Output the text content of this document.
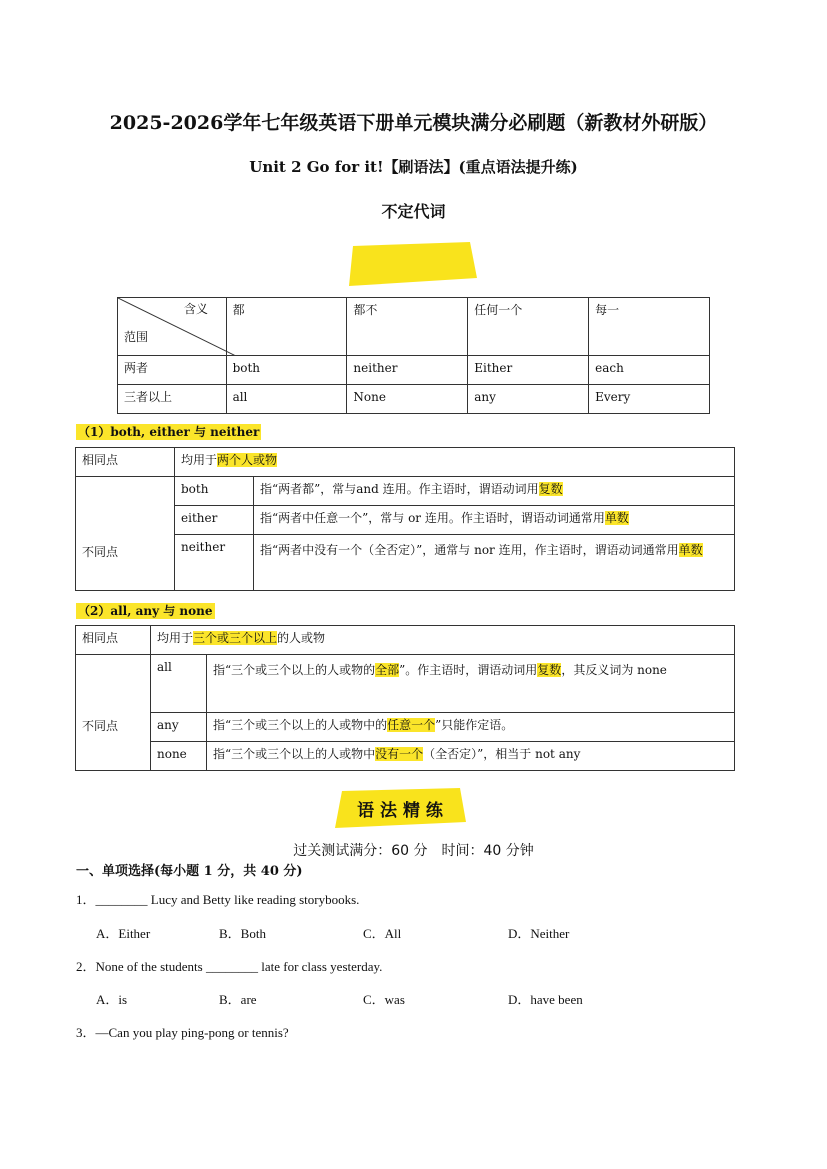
2025-2026学年七年级英语下册单元模块满分必刷题（新教材外研版）
Unit 2 Go for it!【刷语法】(重点语法提升练)
不定代词
含义
范围	都	都不	任何一个	每一
两者	both	neither	Either	each
三者以上	all	None	any	Every
（1）both, either 与 neither
相同点	均用于两个人或物	
不同点	both	指“两者都”，常与and 连用。作主语时，谓语动词用复数
	either	指“两者中任意一个”，常与 or 连用。作主语时，谓语动词通常用单数
	neither	指“两者中没有一个（全否定）”，通常与 nor 连用，作主语时，谓语动词通常用单数
（2）all, any 与 none
相同点	均用于三个或三个以上的人或物	
不同点	all	指“三个或三个以上的人或物的全部”。作主语时，谓语动词用复数，其反义词为 none
	any	指“三个或三个以上的人或物中的任意一个”只能作定语。
	none	指“三个或三个以上的人或物中没有一个（全否定）”，相当于 not any
语 法 精 练
过关测试满分：60 分　时间：40 分钟
一、单项选择(每小题 1 分，共 40 分)
1．________ Lucy and Betty like reading storybooks.
A．Either	B．Both	C．All	D．Neither
2．None of the students ________ late for class yesterday.
A．is	B．are	C．was	D．have been
3．—Can you play ping-pong or tennis?
